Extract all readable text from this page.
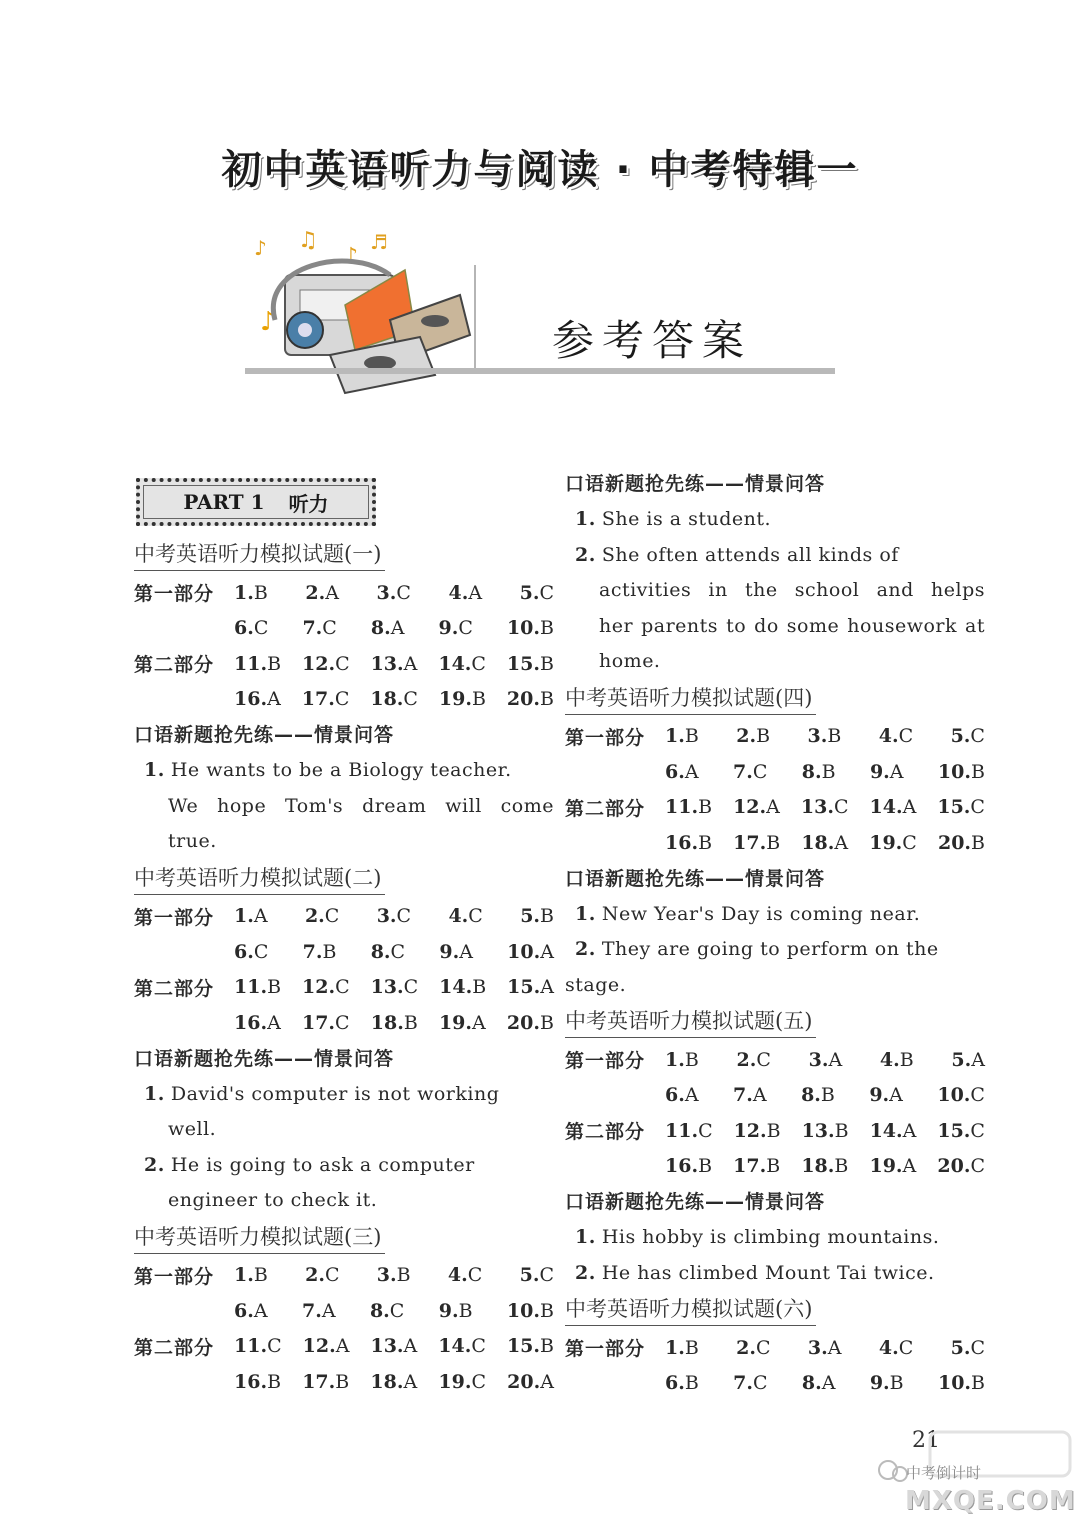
初中英语听力与阅读 · 中考特辑一
♪ ♫
♪
♬
♪	参考答案
PART 1 听力
中考英语听力模拟试题(一)
第一部分	1.B 2.A 3.C 4.A 5.C
6.C 7.C 8.A 9.C 10.B
第二部分	11.B 12.C 13.A 14.C 15.B
16.A 17.C 18.C 19.B 20.B
口语新题抢先练——情景问答
1. He wants to be a Biology teacher.
We hope Tom's dream will come
true.
中考英语听力模拟试题(二)
第一部分	1.A 2.C 3.C 4.C 5.B
6.C 7.B 8.C 9.A 10.A
第二部分	11.B 12.C 13.C 14.B 15.A
16.A 17.C 18.B 19.A 20.B
口语新题抢先练——情景问答
1. David's computer is not working
well.
2. He is going to ask a computer
engineer to check it.
中考英语听力模拟试题(三)
第一部分	1.B 2.C 3.B 4.C 5.C
6.A 7.A 8.C 9.B 10.B
第二部分	11.C 12.A 13.A 14.C 15.B
16.B 17.B 18.A 19.C 20.A
口语新题抢先练——情景问答
1. She is a student.
2. She often attends all kinds of
activities in the school and helps
her parents to do some housework at
home.
中考英语听力模拟试题(四)
第一部分	1.B 2.B 3.B 4.C 5.C
6.A 7.C 8.B 9.A 10.B
第二部分	11.B 12.A 13.C 14.A 15.C
16.B 17.B 18.A 19.C 20.B
口语新题抢先练——情景问答
1. New Year's Day is coming near.
2. They are going to perform on the
stage.
中考英语听力模拟试题(五)
第一部分	1.B 2.C 3.A 4.B 5.A
6.A 7.A 8.B 9.A 10.C
第二部分	11.C 12.B 13.B 14.A 15.C
16.B 17.B 18.B 19.A 20.C
口语新题抢先练——情景问答
1. His hobby is climbing mountains.
2. He has climbed Mount Tai twice.
中考英语听力模拟试题(六)
第一部分	1.B 2.C 3.A 4.C 5.C
6.B 7.C 8.A 9.B 10.B
21
中考倒计时
MXQE.COM
